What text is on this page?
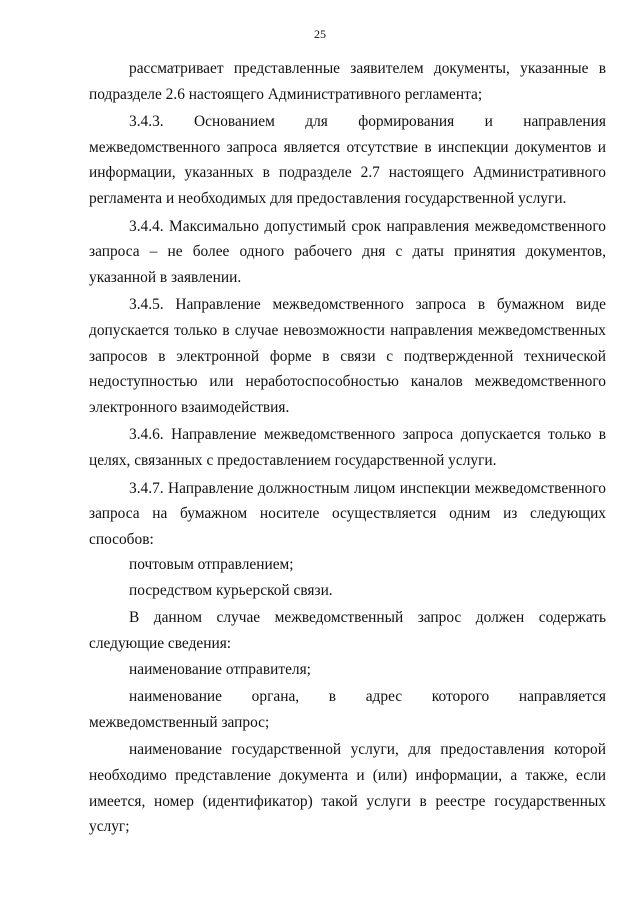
25

рассматривает представленные заявителем документы, указанные в подразделе 2.6 настоящего Административного регламента;

3.4.3. Основанием для формирования и направления межведомственного запроса является отсутствие в инспекции документов и информации, указанных в подразделе 2.7 настоящего Административного регламента и необходимых для предоставления государственной услуги.

3.4.4. Максимально допустимый срок направления межведомственного запроса – не более одного рабочего дня с даты принятия документов, указанной в заявлении.

3.4.5. Направление межведомственного запроса в бумажном виде допускается только в случае невозможности направления межведомственных запросов в электронной форме в связи с подтвержденной технической недоступностью или неработоспособностью каналов межведомственного электронного взаимодействия.

3.4.6. Направление межведомственного запроса допускается только в целях, связанных с предоставлением государственной услуги.

3.4.7. Направление должностным лицом инспекции межведомственного запроса на бумажном носителе осуществляется одним из следующих способов:

почтовым отправлением;

посредством курьерской связи.

В данном случае межведомственный запрос должен содержать следующие сведения:

наименование отправителя;

наименование органа, в адрес которого направляется межведомственный запрос;

наименование государственной услуги, для предоставления которой необходимо представление документа и (или) информации, а также, если имеется, номер (идентификатор) такой услуги в реестре государственных услуг;
